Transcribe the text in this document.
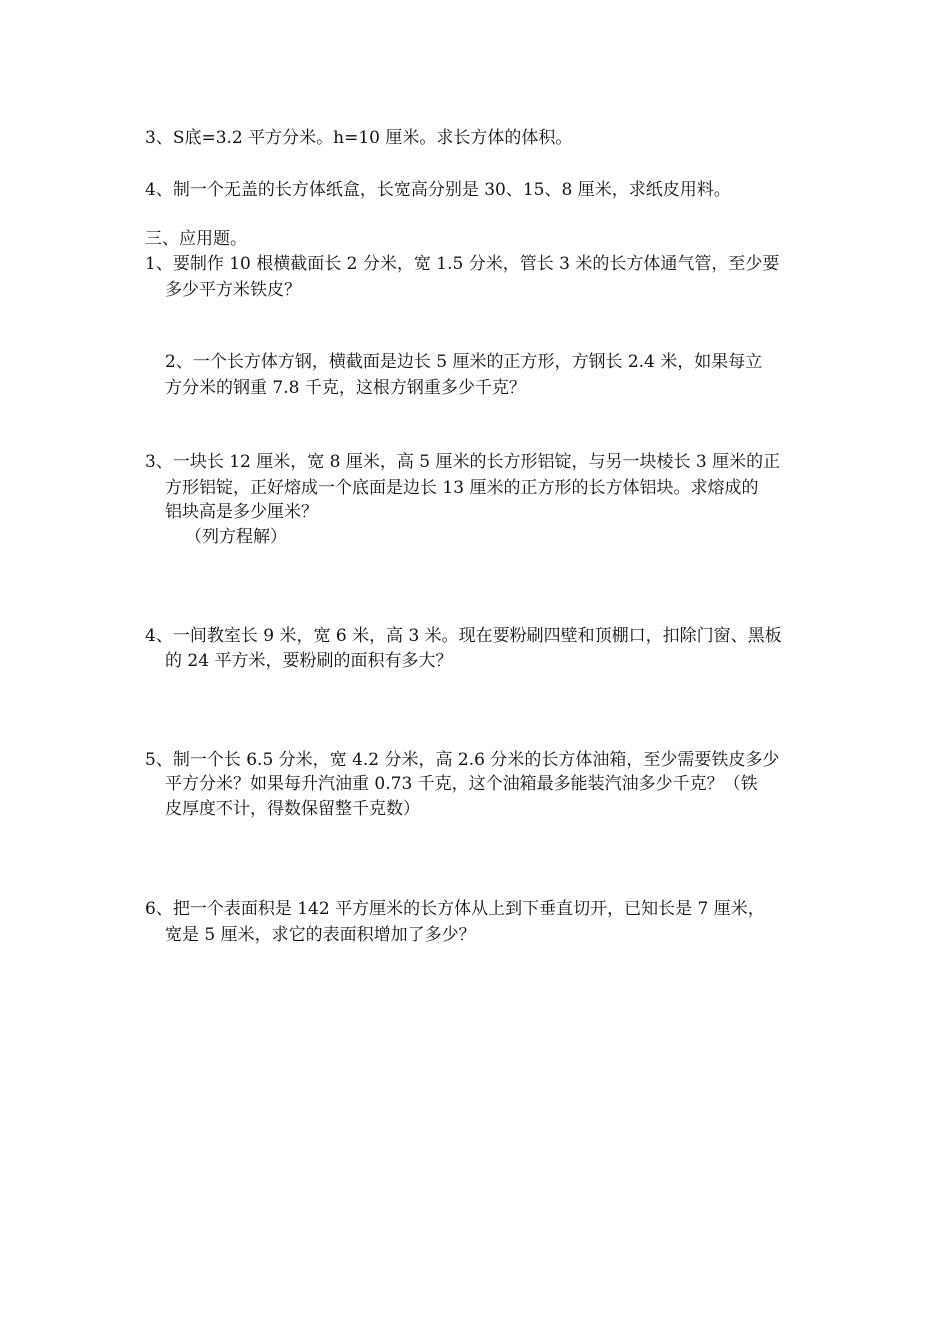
3、S底=3.2 平方分米。h=10 厘米。求长方体的体积。
4、制一个无盖的长方体纸盒，长宽高分别是 30、15、8 厘米，求纸皮用料。
三、应用题。
1、要制作 10 根横截面长 2 分米，宽 1.5 分米，管长 3 米的长方体通气管，至少要
多少平方米铁皮？
2、一个长方体方钢，横截面是边长 5 厘米的正方形，方钢长 2.4 米，如果每立
方分米的钢重 7.8 千克，这根方钢重多少千克？
3、一块长 12 厘米，宽 8 厘米，高 5 厘米的长方形铝锭，与另一块棱长 3 厘米的正
方形铝锭，正好熔成一个底面是边长 13 厘米的正方形的长方体铝块。求熔成的
铝块高是多少厘米？
（列方程解）
4、一间教室长 9 米，宽 6 米，高 3 米。现在要粉刷四壁和顶棚口，扣除门窗、黑板
的 24 平方米，要粉刷的面积有多大？
5、制一个长 6.5 分米，宽 4.2 分米，高 2.6 分米的长方体油箱，至少需要铁皮多少
平方分米？如果每升汽油重 0.73 千克，这个油箱最多能装汽油多少千克？（铁
皮厚度不计，得数保留整千克数）
6、把一个表面积是 142 平方厘米的长方体从上到下垂直切开，已知长是 7 厘米，
宽是 5 厘米，求它的表面积增加了多少？
